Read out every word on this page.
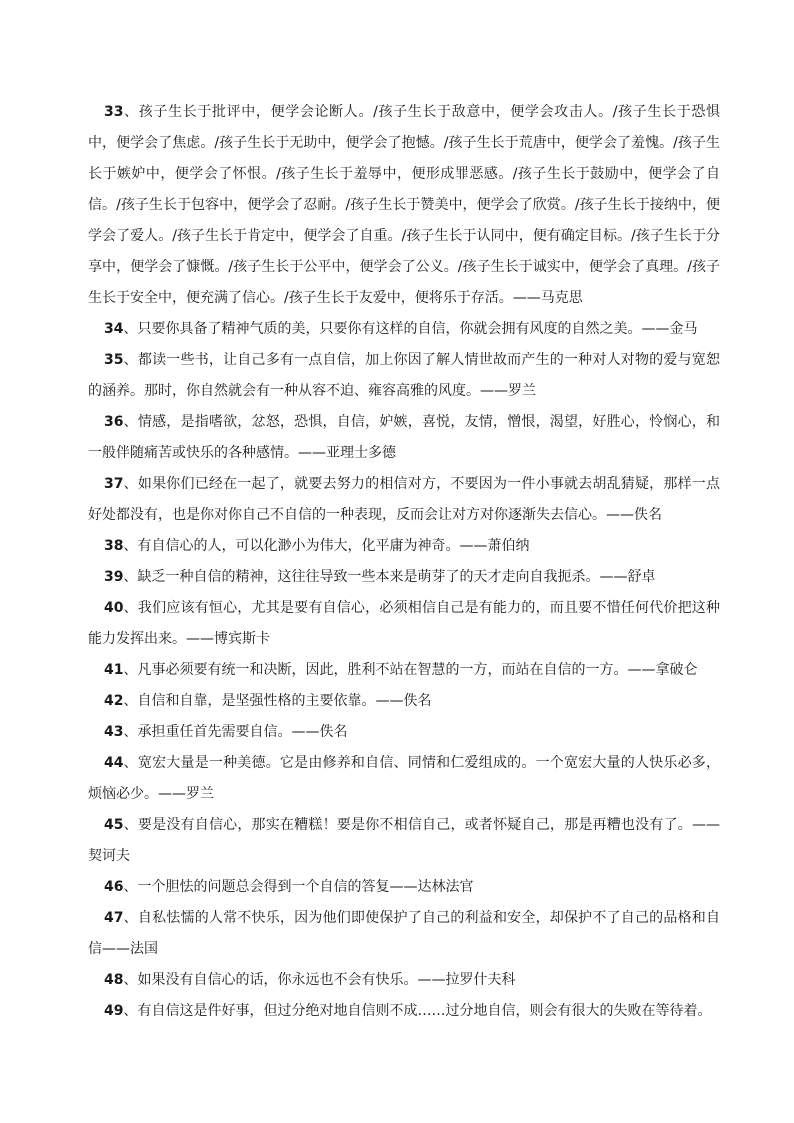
33、孩子生长于批评中，便学会论断人。/孩子生长于敌意中，便学会攻击人。/孩子生长于恐惧中，便学会了焦虑。/孩子生长于无助中，便学会了抱憾。/孩子生长于荒唐中，便学会了羞愧。/孩子生长于嫉妒中，便学会了怀恨。/孩子生长于羞辱中，便形成罪恶感。/孩子生长于鼓励中，便学会了自信。/孩子生长于包容中，便学会了忍耐。/孩子生长于赞美中，便学会了欣赏。/孩子生长于接纳中，便学会了爱人。/孩子生长于肯定中，便学会了自重。/孩子生长于认同中，便有确定目标。/孩子生长于分享中，便学会了慷慨。/孩子生长于公平中，便学会了公义。/孩子生长于诚实中，便学会了真理。/孩子生长于安全中，便充满了信心。/孩子生长于友爱中，便将乐于存活。——马克思

34、只要你具备了精神气质的美，只要你有这样的自信，你就会拥有风度的自然之美。——金马

35、都读一些书，让自己多有一点自信，加上你因了解人情世故而产生的一种对人对物的爱与宽恕的涵养。那时，你自然就会有一种从容不迫、雍容高雅的风度。——罗兰

36、情感，是指嗜欲，忿怒，恐惧，自信，妒嫉，喜悦，友情，憎恨，渴望，好胜心，怜悯心，和一般伴随痛苦或快乐的各种感情。——亚理士多德

37、如果你们已经在一起了，就要去努力的相信对方，不要因为一件小事就去胡乱猜疑，那样一点好处都没有，也是你对你自己不自信的一种表现，反而会让对方对你逐渐失去信心。——佚名

38、有自信心的人，可以化渺小为伟大，化平庸为神奇。——萧伯纳

39、缺乏一种自信的精神，这往往导致一些本来是萌芽了的天才走向自我扼杀。——舒卓

40、我们应该有恒心，尤其是要有自信心，必须相信自己是有能力的，而且要不惜任何代价把这种能力发挥出来。——博宾斯卡

41、凡事必须要有统一和决断，因此，胜利不站在智慧的一方，而站在自信的一方。——拿破仑

42、自信和自靠，是坚强性格的主要依靠。——佚名

43、承担重任首先需要自信。——佚名

44、宽宏大量是一种美德。它是由修养和自信、同情和仁爱组成的。一个宽宏大量的人快乐必多，烦恼必少。——罗兰

45、要是没有自信心，那实在糟糕！要是你不相信自己，或者怀疑自己，那是再糟也没有了。——契诃夫

46、一个胆怯的问题总会得到一个自信的答复——达林法官

47、自私怯懦的人常不快乐，因为他们即使保护了自己的利益和安全，却保护不了自己的品格和自信——法国

48、如果没有自信心的话，你永远也不会有快乐。——拉罗什夫科

49、有自信这是件好事，但过分绝对地自信则不成……过分地自信，则会有很大的失败在等待着。
